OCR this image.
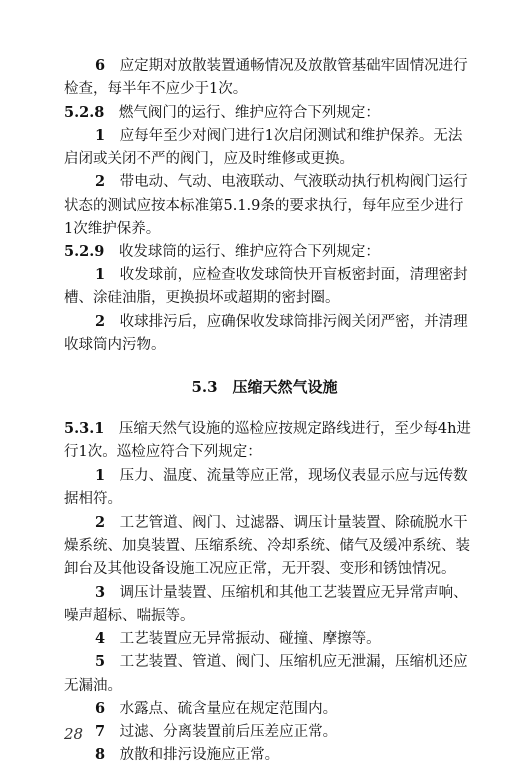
6　 应定期对放散装置通畅情况及放散管基础牢固情况进行
检查，每半年不应少于1次。
5.2.8　 燃气阀门的运行、维护应符合下列规定：
1　 应每年至少对阀门进行1次启闭测试和维护保养。无法
启闭或关闭不严的阀门，应及时维修或更换。
2　 带电动、气动、电液联动、气液联动执行机构阀门运行
状态的测试应按本标准第5.1.9条的要求执行，每年应至少进行
1次维护保养。
5.2.9　 收发球筒的运行、维护应符合下列规定：
1　 收发球前，应检查收发球筒快开盲板密封面，清理密封
槽、涂硅油脂，更换损坏或超期的密封圈。
2　 收球排污后，应确保收发球筒排污阀关闭严密，并清理
收球筒内污物。
5.3　压缩天然气设施
5.3.1　 压缩天然气设施的巡检应按规定路线进行，至少每4h进
行1次。巡检应符合下列规定：
1　 压力、温度、流量等应正常，现场仪表显示应与远传数
据相符。
2　 工艺管道、阀门、过滤器、调压计量装置、除硫脱水干
燥系统、加臭装置、压缩系统、冷却系统、储气及缓冲系统、装
卸台及其他设备设施工况应正常，无开裂、变形和锈蚀情况。
3　 调压计量装置、压缩机和其他工艺装置应无异常声响、
噪声超标、喘振等。
4　 工艺装置应无异常振动、碰撞、摩擦等。
5　 工艺装置、管道、阀门、压缩机应无泄漏，压缩机还应
无漏油。
6　 水露点、硫含量应在规定范围内。
7　 过滤、分离装置前后压差应正常。
8　 放散和排污设施应正常。
28
